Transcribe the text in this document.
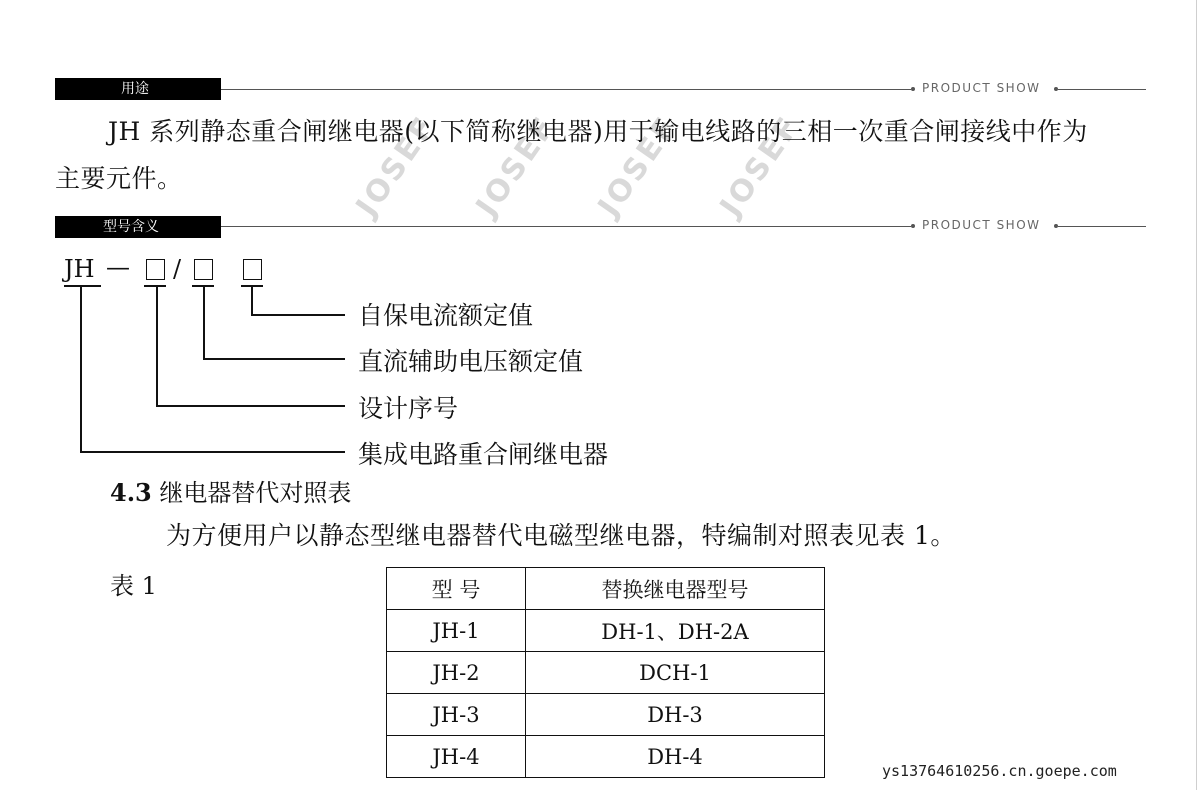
用途	PRODUCT SHOW
JOSEF JOSEF JOSEF JOSEF
JH 系列静态重合闸继电器(以下简称继电器)用于输电线路的三相一次重合闸接线中作为
主要元件。
型号含义	PRODUCT SHOW
JH — /
自保电流额定值
直流辅助电压额定值
设计序号
集成电路重合闸继电器
4.3 继电器替代对照表
为方便用户以静态型继电器替代电磁型继电器，特编制对照表见表 1。
表 1	型 号	替换继电器型号
JH-1	DH-1、DH-2A
JH-2	DCH-1
JH-3	DH-3
JH-4	DH-4
ys13764610256.cn.goepe.com
